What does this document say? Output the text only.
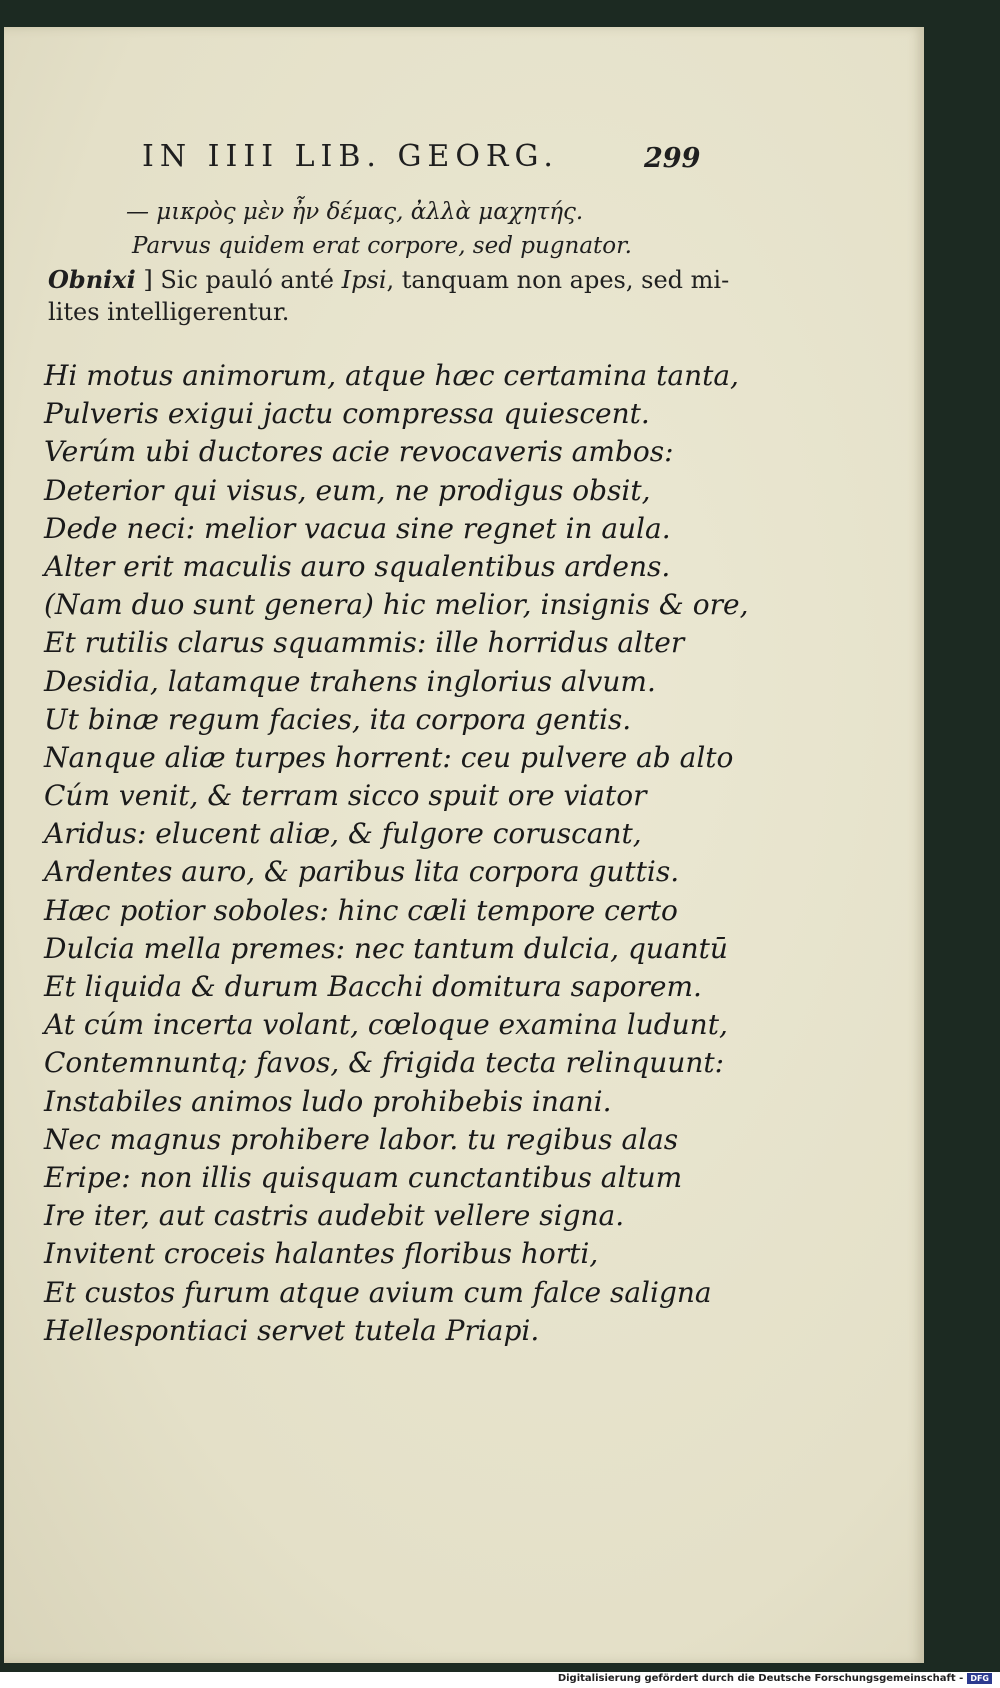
IN IIII LIB. GEORG.	299
— μικρὸς μὲν ἦν δέμας, ἀλλὰ μαχητής.
Parvus quidem erat corpore, sed pugnator.
Obnixi ] Sic pauló anté Ipsi, tanquam non apes, sed mi-
lites intelligerentur.
Hi motus animorum, atque hæc certamina tanta,
Pulveris exigui jactu compressa quiescent.
Verúm ubi ductores acie revocaveris ambos:
Deterior qui visus, eum, ne prodigus obsit,
Dede neci: melior vacua sine regnet in aula.
Alter erit maculis auro squalentibus ardens.
(Nam duo sunt genera) hic melior, insignis & ore,
Et rutilis clarus squammis: ille horridus alter
Desidia, latamque trahens inglorius alvum.
Ut binæ regum facies, ita corpora gentis.
Nanque aliæ turpes horrent: ceu pulvere ab alto
Cúm venit, & terram sicco spuit ore viator
Aridus: elucent aliæ, & fulgore coruscant,
Ardentes auro, & paribus lita corpora guttis.
Hæc potior soboles: hinc cæli tempore certo
Dulcia mella premes: nec tantum dulcia, quantū
Et liquida & durum Bacchi domitura saporem.
At cúm incerta volant, cœloque examina ludunt,
Contemnuntq; favos, & frigida tecta relinquunt:
Instabiles animos ludo prohibebis inani.
Nec magnus prohibere labor. tu regibus alas
Eripe: non illis quisquam cunctantibus altum
Ire iter, aut castris audebit vellere signa.
Invitent croceis halantes floribus horti,
Et custos furum atque avium cum falce saligna
Hellespontiaci servet tutela Priapi.
Digitalisierung gefördert durch die Deutsche Forschungsgemeinschaft - DFG
